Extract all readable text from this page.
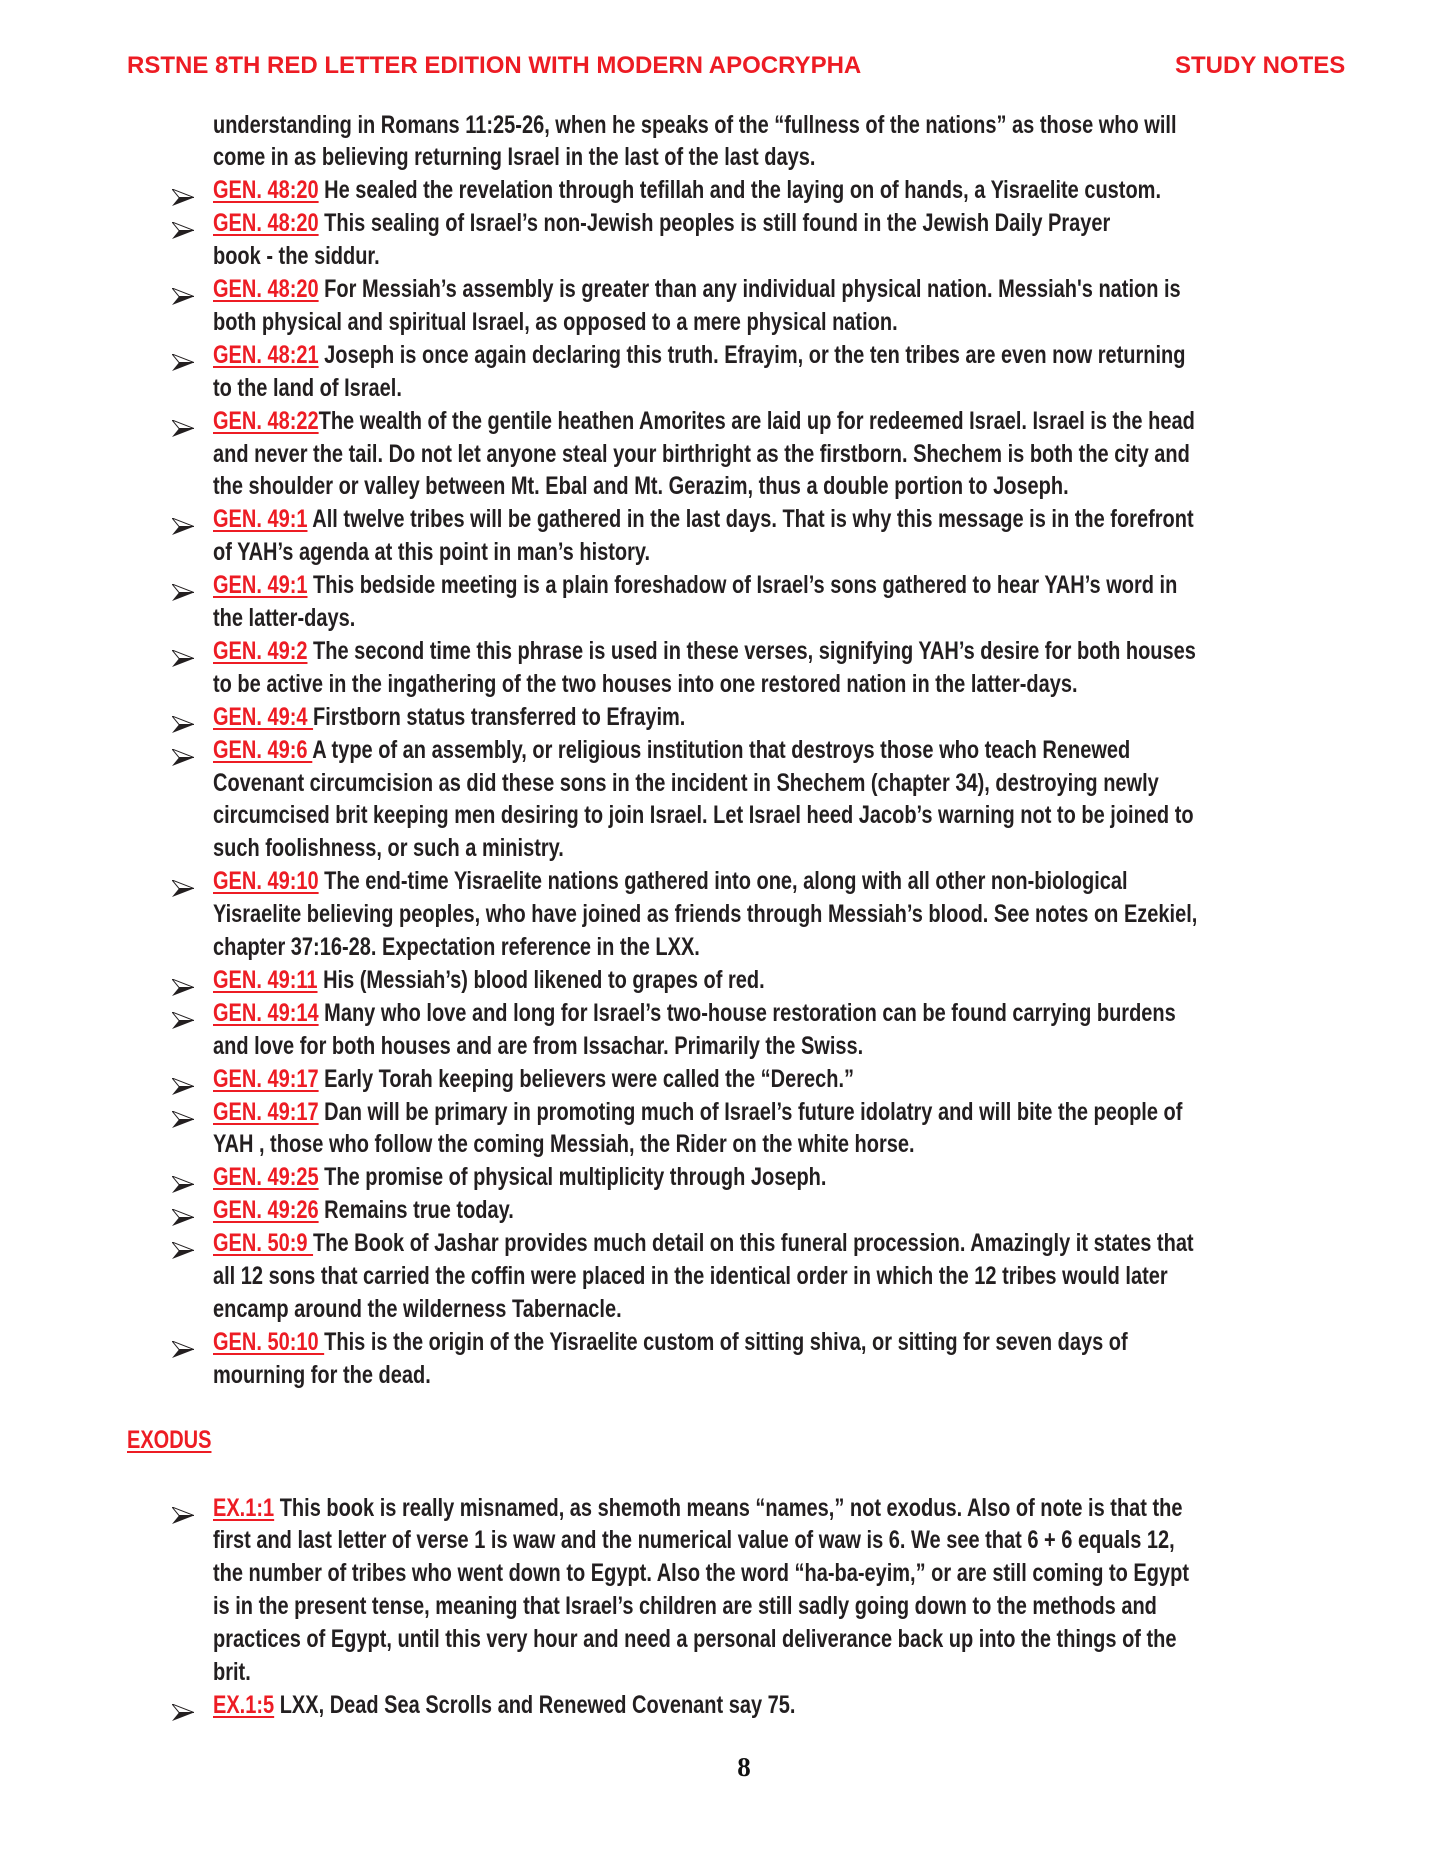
RSTNE 8TH RED LETTER EDITION WITH MODERN APOCRYPHA	STUDY NOTES
understanding in Romans 11:25-26, when he speaks of the “fullness of the nations” as those who will
come in as believing returning Israel in the last of the last days.
GEN. 48:20 He sealed the revelation through tefillah and the laying on of hands, a Yisraelite custom.
GEN. 48:20 This sealing of Israel’s non-Jewish peoples is still found in the Jewish Daily Prayer
book - the siddur.
GEN. 48:20 For Messiah’s assembly is greater than any individual physical nation. Messiah's nation is
both physical and spiritual Israel, as opposed to a mere physical nation.
GEN. 48:21 Joseph is once again declaring this truth. Efrayim, or the ten tribes are even now returning
to the land of Israel.
GEN. 48:22The wealth of the gentile heathen Amorites are laid up for redeemed Israel. Israel is the head
and never the tail. Do not let anyone steal your birthright as the firstborn. Shechem is both the city and
the shoulder or valley between Mt. Ebal and Mt. Gerazim, thus a double portion to Joseph.
GEN. 49:1 All twelve tribes will be gathered in the last days. That is why this message is in the forefront
of YAH’s agenda at this point in man’s history.
GEN. 49:1 This bedside meeting is a plain foreshadow of Israel’s sons gathered to hear YAH’s word in
the latter-days.
GEN. 49:2 The second time this phrase is used in these verses, signifying YAH’s desire for both houses
to be active in the ingathering of the two houses into one restored nation in the latter-days.
GEN. 49:4 Firstborn status transferred to Efrayim.
GEN. 49:6 A type of an assembly, or religious institution that destroys those who teach Renewed
Covenant circumcision as did these sons in the incident in Shechem (chapter 34), destroying newly
circumcised brit keeping men desiring to join Israel. Let Israel heed Jacob’s warning not to be joined to
such foolishness, or such a ministry.
GEN. 49:10 The end-time Yisraelite nations gathered into one, along with all other non-biological
Yisraelite believing peoples, who have joined as friends through Messiah’s blood. See notes on Ezekiel,
chapter 37:16-28. Expectation reference in the LXX.
GEN. 49:11 His (Messiah’s) blood likened to grapes of red.
GEN. 49:14 Many who love and long for Israel’s two-house restoration can be found carrying burdens
and love for both houses and are from Issachar. Primarily the Swiss.
GEN. 49:17 Early Torah keeping believers were called the “Derech.”
GEN. 49:17 Dan will be primary in promoting much of Israel’s future idolatry and will bite the people of
YAH , those who follow the coming Messiah, the Rider on the white horse.
GEN. 49:25 The promise of physical multiplicity through Joseph.
GEN. 49:26 Remains true today.
GEN. 50:9 The Book of Jashar provides much detail on this funeral procession. Amazingly it states that
all 12 sons that carried the coffin were placed in the identical order in which the 12 tribes would later
encamp around the wilderness Tabernacle.
GEN. 50:10 This is the origin of the Yisraelite custom of sitting shiva, or sitting for seven days of
mourning for the dead.
EX.1:1 This book is really misnamed, as shemoth means “names,” not exodus. Also of note is that the
first and last letter of verse 1 is waw and the numerical value of waw is 6. We see that 6 + 6 equals 12,
the number of tribes who went down to Egypt. Also the word “ha-ba-eyim,” or are still coming to Egypt
is in the present tense, meaning that Israel’s children are still sadly going down to the methods and
practices of Egypt, until this very hour and need a personal deliverance back up into the things of the
brit.
EX.1:5 LXX, Dead Sea Scrolls and Renewed Covenant say 75.
EXODUS
8
